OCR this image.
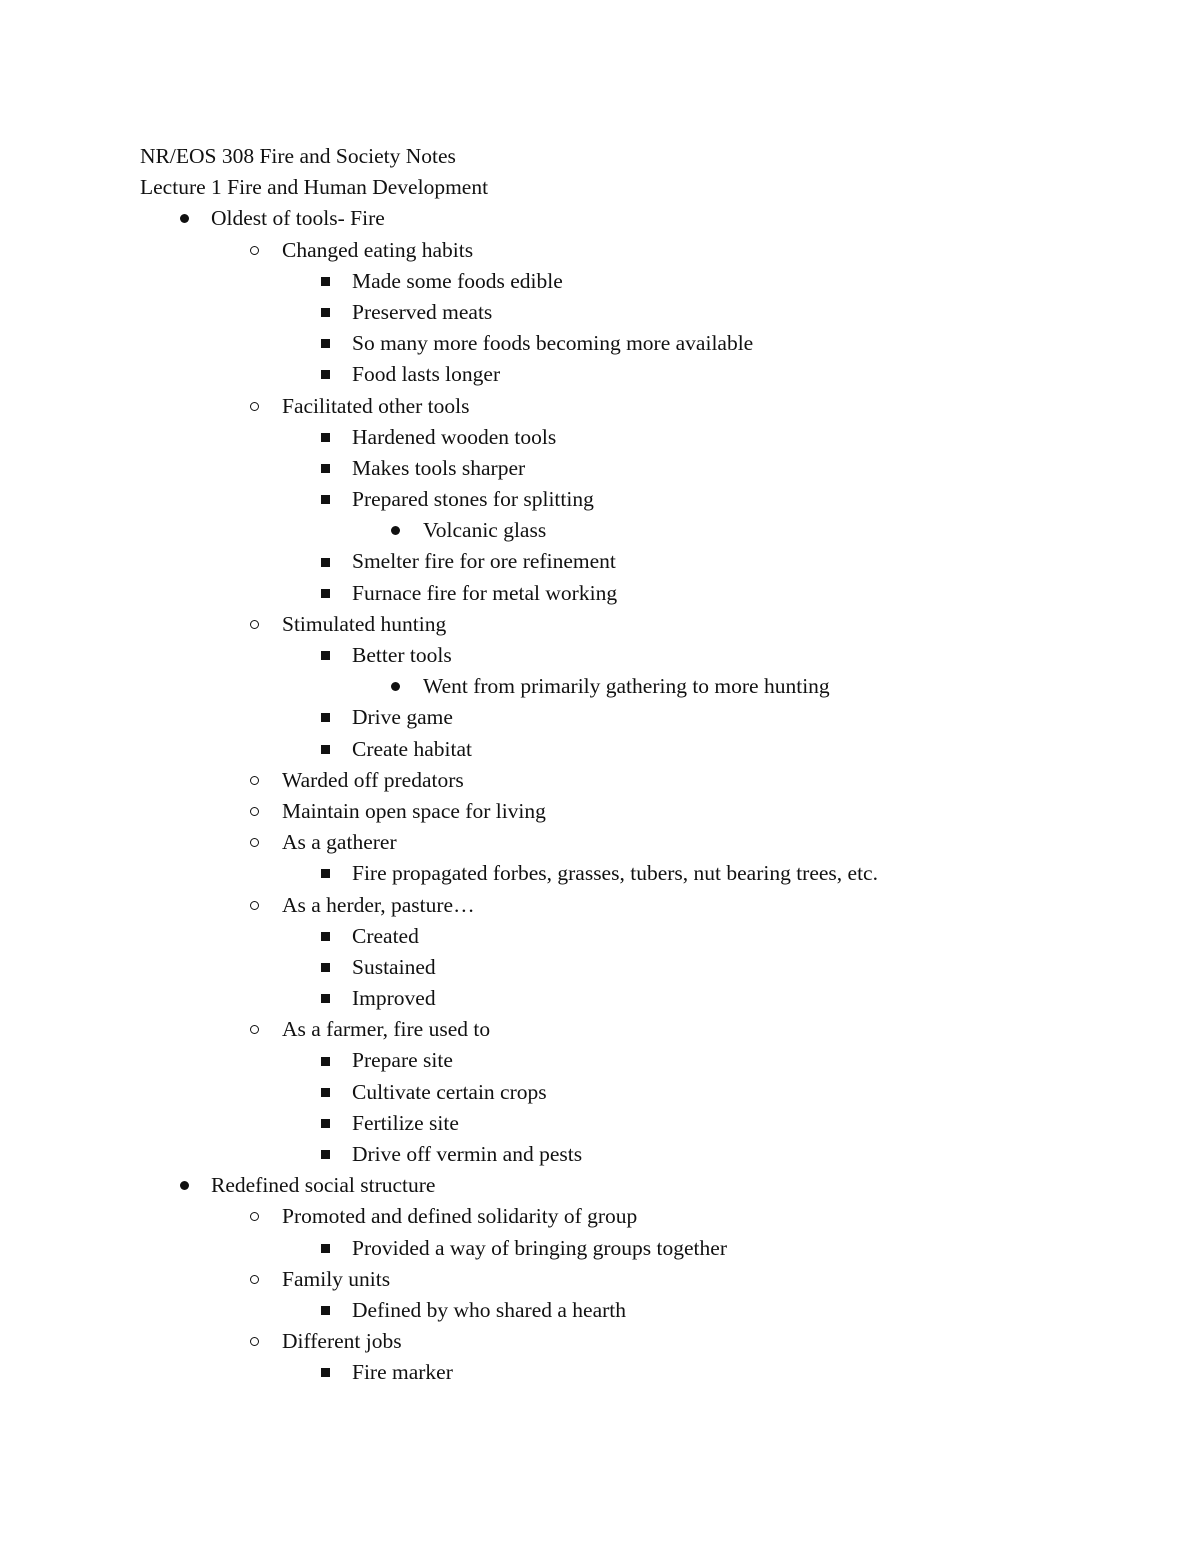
NR/EOS 308 Fire and Society Notes
Lecture 1 Fire and Human Development
Oldest of tools- Fire
Changed eating habits
Made some foods edible
Preserved meats
So many more foods becoming more available
Food lasts longer
Facilitated other tools
Hardened wooden tools
Makes tools sharper
Prepared stones for splitting
Volcanic glass
Smelter fire for ore refinement
Furnace fire for metal working
Stimulated hunting
Better tools
Went from primarily gathering to more hunting
Drive game
Create habitat
Warded off predators
Maintain open space for living
As a gatherer
Fire propagated forbes, grasses, tubers, nut bearing trees, etc.
As a herder, pasture…
Created
Sustained
Improved
As a farmer, fire used to
Prepare site
Cultivate certain crops
Fertilize site
Drive off vermin and pests
Redefined social structure
Promoted and defined solidarity of group
Provided a way of bringing groups together
Family units
Defined by who shared a hearth
Different jobs
Fire marker
